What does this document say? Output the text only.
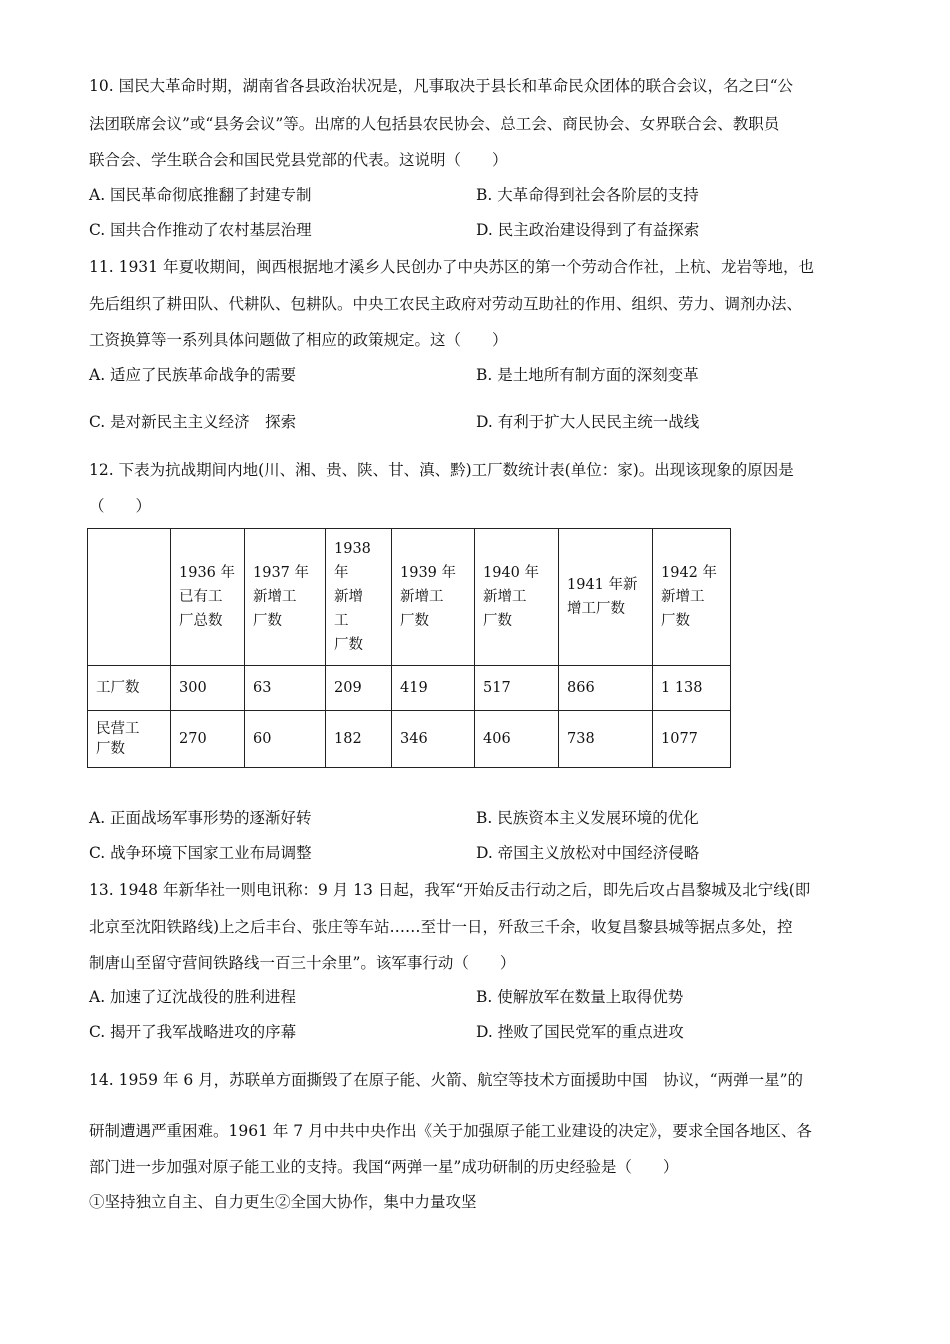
10. 国民大革命时期，湖南省各县政治状况是，凡事取决于县长和革命民众团体的联合会议，名之曰“公
法团联席会议”或“县务会议”等。出席的人包括县农民协会、总工会、商民协会、女界联合会、教职员
联合会、学生联合会和国民党县党部的代表。这说明（　　）
A. 国民革命彻底推翻了封建专制	B. 大革命得到社会各阶层的支持
C. 国共合作推动了农村基层治理	D. 民主政治建设得到了有益探索
11. 1931 年夏收期间，闽西根据地才溪乡人民创办了中央苏区的第一个劳动合作社，上杭、龙岩等地，也
先后组织了耕田队、代耕队、包耕队。中央工农民主政府对劳动互助社的作用、组织、劳力、调剂办法、
工资换算等一系列具体问题做了相应的政策规定。这（　　）
A. 适应了民族革命战争的需要	B. 是土地所有制方面的深刻变革
C. 是对新民主主义经济　探索	D. 有利于扩大人民民主统一战线
12. 下表为抗战期间内地(川、湘、贵、陕、甘、滇、黔)工厂数统计表(单位：家)。出现该现象的原因是
（　　）
	1936 年
已有工
厂总数	1937 年
新增工
厂数	1938
年
新增
工
厂数	1939 年
新增工
厂数	1940 年
新增工
厂数	1941 年新
增工厂数	1942 年
新增工
厂数
工厂数	300	63	209	419	517	866	1 138
民营工
厂数	270	60	182	346	406	738	1077
A. 正面战场军事形势的逐渐好转	B. 民族资本主义发展环境的优化
C. 战争环境下国家工业布局调整	D. 帝国主义放松对中国经济侵略
13. 1948 年新华社一则电讯称：9 月 13 日起，我军“开始反击行动之后，即先后攻占昌黎城及北宁线(即
北京至沈阳铁路线)上之后丰台、张庄等车站……至廿一日，歼敌三千余，收复昌黎县城等据点多处，控
制唐山至留守营间铁路线一百三十余里”。该军事行动（　　）
A. 加速了辽沈战役的胜利进程	B. 使解放军在数量上取得优势
C. 揭开了我军战略进攻的序幕	D. 挫败了国民党军的重点进攻
14. 1959 年 6 月，苏联单方面撕毁了在原子能、火箭、航空等技术方面援助中国　协议，“两弹一星”的
研制遭遇严重困难。1961 年 7 月中共中央作出《关于加强原子能工业建设的决定》，要求全国各地区、各
部门进一步加强对原子能工业的支持。我国“两弹一星”成功研制的历史经验是（　　）
①坚持独立自主、自力更生②全国大协作，集中力量攻坚
